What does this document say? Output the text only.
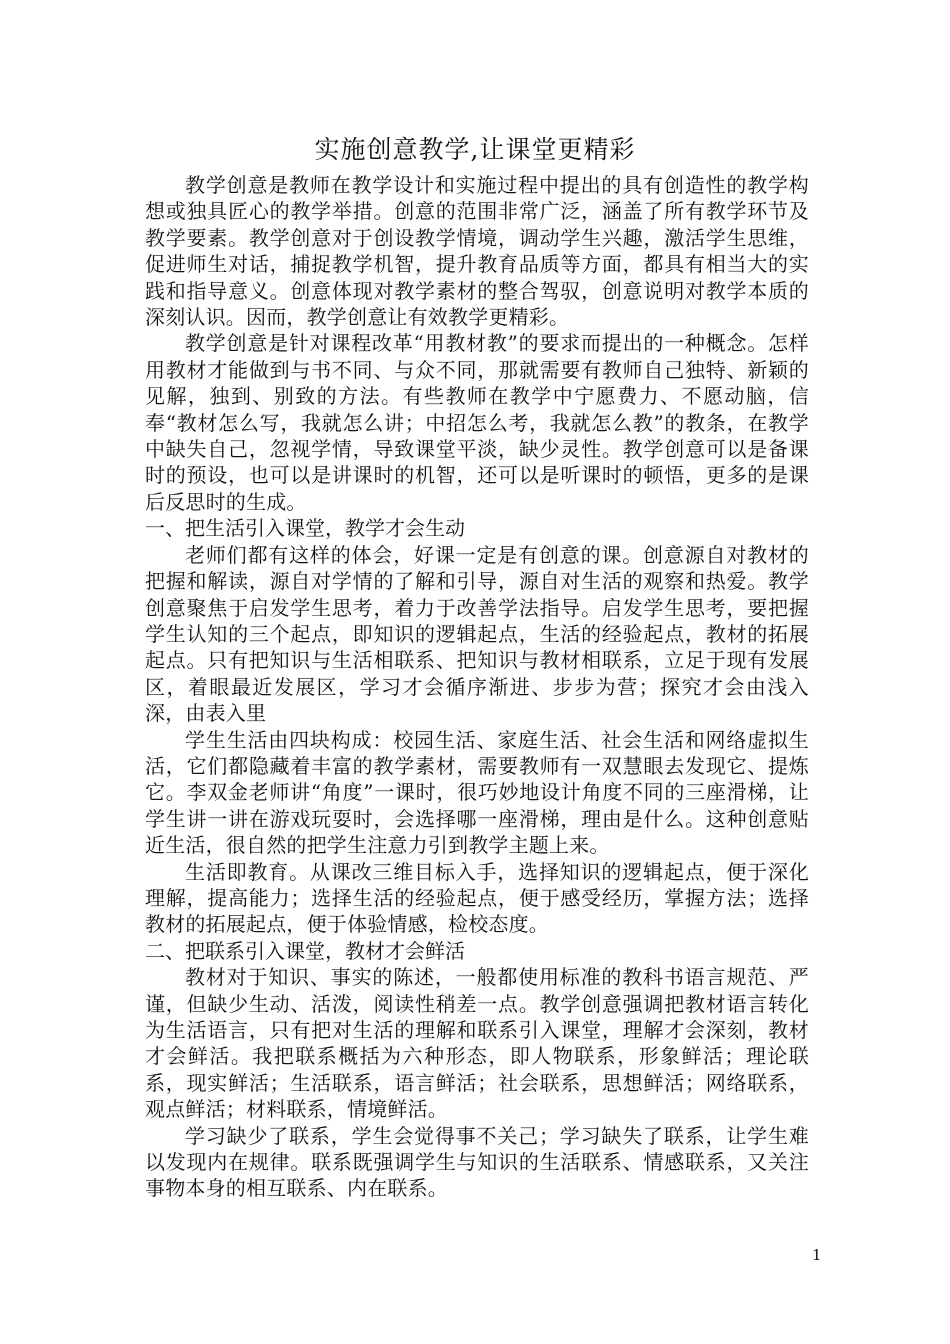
实施创意教学,让课堂更精彩

教学创意是教师在教学设计和实施过程中提出的具有创造性的教学构想或独具匠心的教学举措。创意的范围非常广泛，涵盖了所有教学环节及教学要素。教学创意对于创设教学情境，调动学生兴趣，激活学生思维，促进师生对话，捕捉教学机智，提升教育品质等方面，都具有相当大的实践和指导意义。创意体现对教学素材的整合驾驭，创意说明对教学本质的深刻认识。因而，教学创意让有效教学更精彩。

教学创意是针对课程改革“用教材教”的要求而提出的一种概念。怎样用教材才能做到与书不同、与众不同，那就需要有教师自己独特、新颖的见解，独到、别致的方法。有些教师在教学中宁愿费力、不愿动脑，信奉“教材怎么写，我就怎么讲；中招怎么考，我就怎么教”的教条，在教学中缺失自己，忽视学情，导致课堂平淡，缺少灵性。教学创意可以是备课时的预设，也可以是讲课时的机智，还可以是听课时的顿悟，更多的是课后反思时的生成。

一、把生活引入课堂，教学才会生动

老师们都有这样的体会，好课一定是有创意的课。创意源自对教材的把握和解读，源自对学情的了解和引导，源自对生活的观察和热爱。教学创意聚焦于启发学生思考，着力于改善学法指导。启发学生思考，要把握学生认知的三个起点，即知识的逻辑起点，生活的经验起点，教材的拓展起点。只有把知识与生活相联系、把知识与教材相联系，立足于现有发展区，着眼最近发展区，学习才会循序渐进、步步为营；探究才会由浅入深，由表入里

学生生活由四块构成：校园生活、家庭生活、社会生活和网络虚拟生活，它们都隐藏着丰富的教学素材，需要教师有一双慧眼去发现它、提炼它。李双金老师讲“角度”一课时，很巧妙地设计角度不同的三座滑梯，让学生讲一讲在游戏玩耍时，会选择哪一座滑梯，理由是什么。这种创意贴近生活，很自然的把学生注意力引到教学主题上来。

生活即教育。从课改三维目标入手，选择知识的逻辑起点，便于深化理解，提高能力；选择生活的经验起点，便于感受经历，掌握方法；选择教材的拓展起点，便于体验情感，检校态度。

二、把联系引入课堂，教材才会鲜活

教材对于知识、事实的陈述，一般都使用标准的教科书语言规范、严谨，但缺少生动、活泼，阅读性稍差一点。教学创意强调把教材语言转化为生活语言，只有把对生活的理解和联系引入课堂，理解才会深刻，教材才会鲜活。我把联系概括为六种形态，即人物联系，形象鲜活；理论联系，现实鲜活；生活联系，语言鲜活；社会联系，思想鲜活；网络联系，观点鲜活；材料联系，情境鲜活。

学习缺少了联系，学生会觉得事不关己；学习缺失了联系，让学生难以发现内在规律。联系既强调学生与知识的生活联系、情感联系，又关注事物本身的相互联系、内在联系。

1
